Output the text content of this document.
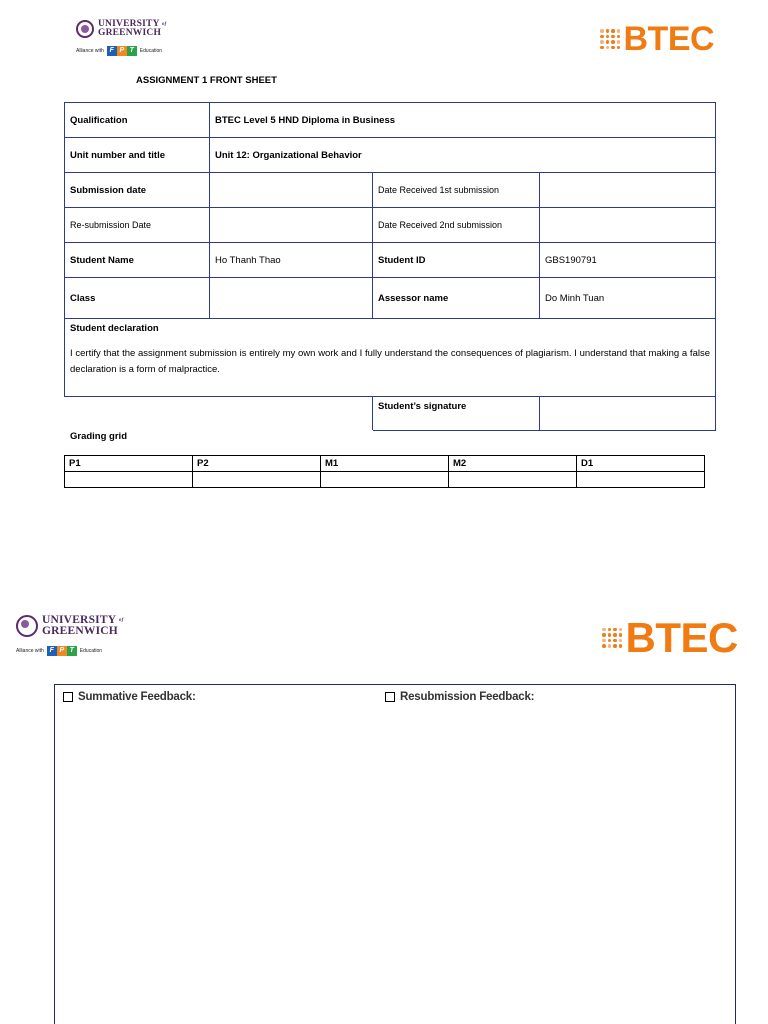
UNIVERSITY $^{of}$
GREENWICH
Alliance with F P T	Education	BTEC
ASSIGNMENT 1 FRONT SHEET
Qualification	BTEC Level 5 HND Diploma in Business		
Unit number and title	Unit 12: Organizational Behavior		
Submission date		Date Received 1st submission	
Re-submission Date		Date Received 2nd submission	
Student Name	Ho Thanh Thao	Student ID	GBS190791
Class		Assessor name	Do Minh Tuan

Student declaration
I certify that the assignment submission is entirely my own work and I fully understand the consequences of plagiarism. I understand that making a false declaration is a form of malpractice.			

		Student’s signature	
Grading grid
P1	P2	M1	M2	D1

UNIVERSITY $^{of}$
GREENWICH
Alliance with F P T	Education	BTEC
Summative Feedback:	Resubmission Feedback:
